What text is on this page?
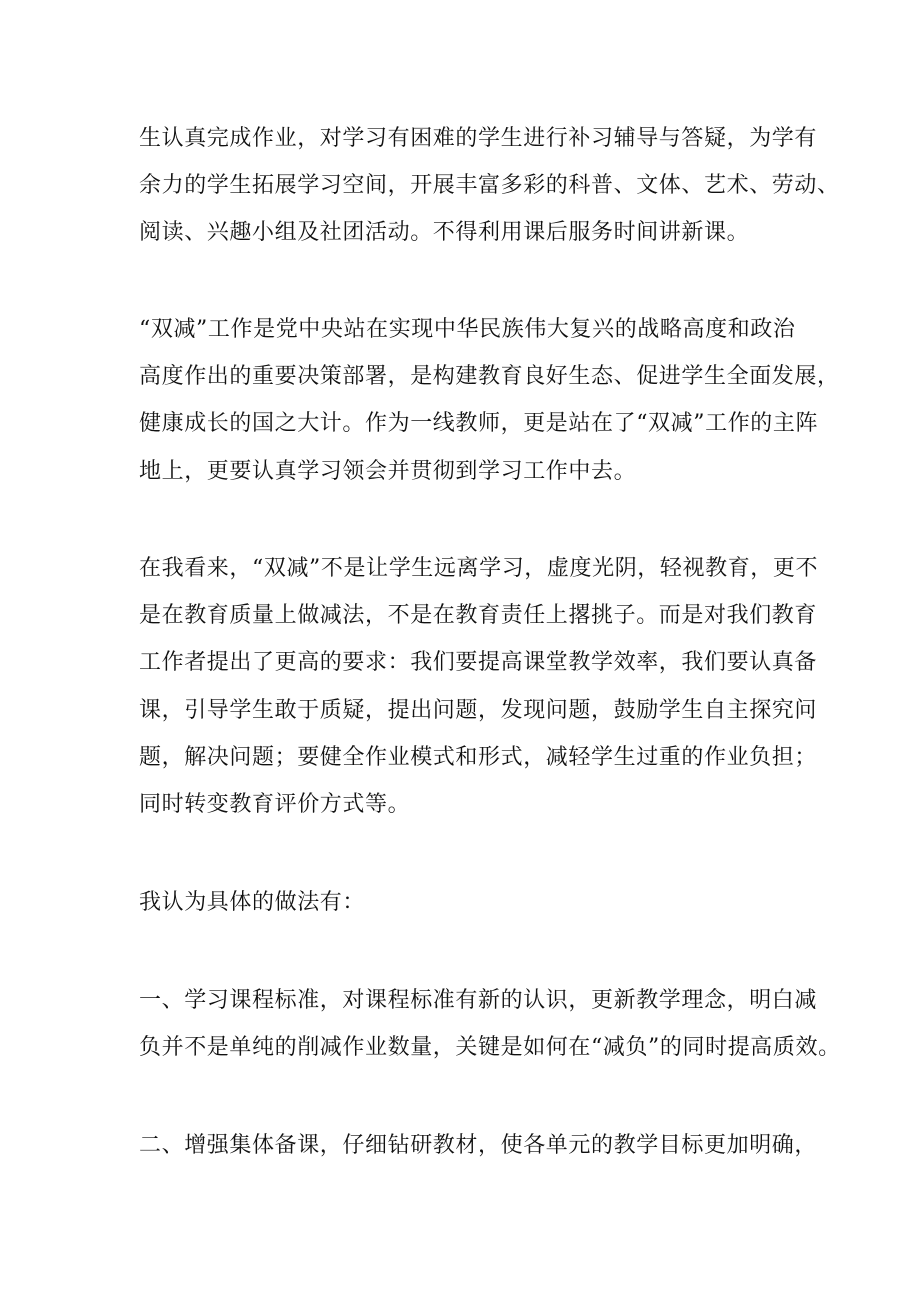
生认真完成作业，对学习有困难的学生进行补习辅导与答疑，为学有
余力的学生拓展学习空间，开展丰富多彩的科普、文体、艺术、劳动、
阅读、兴趣小组及社团活动。不得利用课后服务时间讲新课。
“双减”工作是党中央站在实现中华民族伟大复兴的战略高度和政治
高度作出的重要决策部署，是构建教育良好生态、促进学生全面发展，
健康成长的国之大计。作为一线教师，更是站在了“双减”工作的主阵
地上，更要认真学习领会并贯彻到学习工作中去。
在我看来，“双减”不是让学生远离学习，虚度光阴，轻视教育，更不
是在教育质量上做减法，不是在教育责任上撂挑子。而是对我们教育
工作者提出了更高的要求：我们要提高课堂教学效率，我们要认真备
课，引导学生敢于质疑，提出问题，发现问题，鼓励学生自主探究问
题，解决问题；要健全作业模式和形式，减轻学生过重的作业负担；
同时转变教育评价方式等。
我认为具体的做法有：
一、学习课程标准，对课程标准有新的认识，更新教学理念，明白减
负并不是单纯的削减作业数量，关键是如何在“减负”的同时提高质效。
二、增强集体备课，仔细钻研教材，使各单元的教学目标更加明确，
